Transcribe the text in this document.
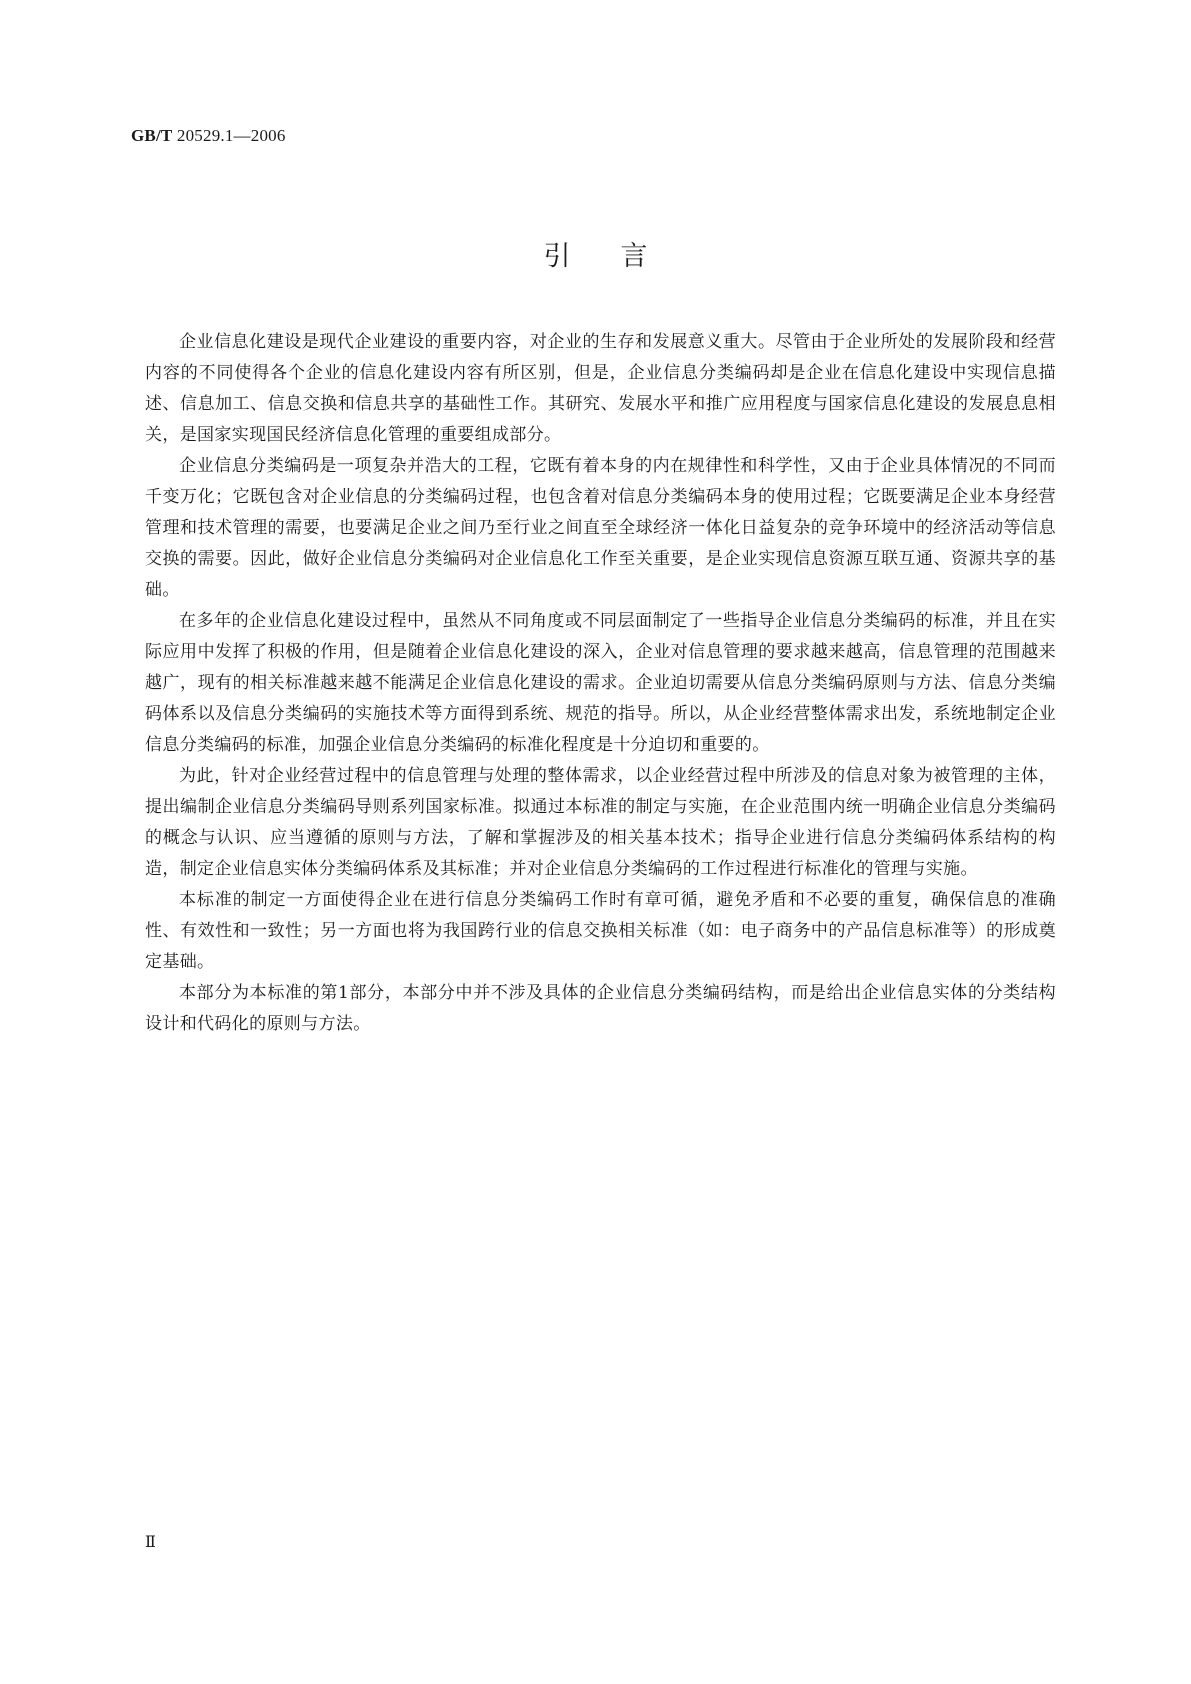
GB/T 20529.1—2006
引言

企业信息化建设是现代企业建设的重要内容，对企业的生存和发展意义重大。尽管由于企业所处的发展阶段和经营内容的不同使得各个企业的信息化建设内容有所区别，但是，企业信息分类编码却是企业在信息化建设中实现信息描述、信息加工、信息交换和信息共享的基础性工作。其研究、发展水平和推广应用程度与国家信息化建设的发展息息相关，是国家实现国民经济信息化管理的重要组成部分。

企业信息分类编码是一项复杂并浩大的工程，它既有着本身的内在规律性和科学性，又由于企业具体情况的不同而千变万化；它既包含对企业信息的分类编码过程，也包含着对信息分类编码本身的使用过程；它既要满足企业本身经营管理和技术管理的需要，也要满足企业之间乃至行业之间直至全球经济一体化日益复杂的竞争环境中的经济活动等信息交换的需要。因此，做好企业信息分类编码对企业信息化工作至关重要，是企业实现信息资源互联互通、资源共享的基础。

在多年的企业信息化建设过程中，虽然从不同角度或不同层面制定了一些指导企业信息分类编码的标准，并且在实际应用中发挥了积极的作用，但是随着企业信息化建设的深入，企业对信息管理的要求越来越高，信息管理的范围越来越广，现有的相关标准越来越不能满足企业信息化建设的需求。企业迫切需要从信息分类编码原则与方法、信息分类编码体系以及信息分类编码的实施技术等方面得到系统、规范的指导。所以，从企业经营整体需求出发，系统地制定企业信息分类编码的标准，加强企业信息分类编码的标准化程度是十分迫切和重要的。

为此，针对企业经营过程中的信息管理与处理的整体需求，以企业经营过程中所涉及的信息对象为被管理的主体，提出编制企业信息分类编码导则系列国家标准。拟通过本标准的制定与实施，在企业范围内统一明确企业信息分类编码的概念与认识、应当遵循的原则与方法，了解和掌握涉及的相关基本技术；指导企业进行信息分类编码体系结构的构造，制定企业信息实体分类编码体系及其标准；并对企业信息分类编码的工作过程进行标准化的管理与实施。

本标准的制定一方面使得企业在进行信息分类编码工作时有章可循，避免矛盾和不必要的重复，确保信息的准确性、有效性和一致性；另一方面也将为我国跨行业的信息交换相关标准（如：电子商务中的产品信息标准等）的形成奠定基础。

本部分为本标准的第1部分，本部分中并不涉及具体的企业信息分类编码结构，而是给出企业信息实体的分类结构设计和代码化的原则与方法。

Ⅱ
